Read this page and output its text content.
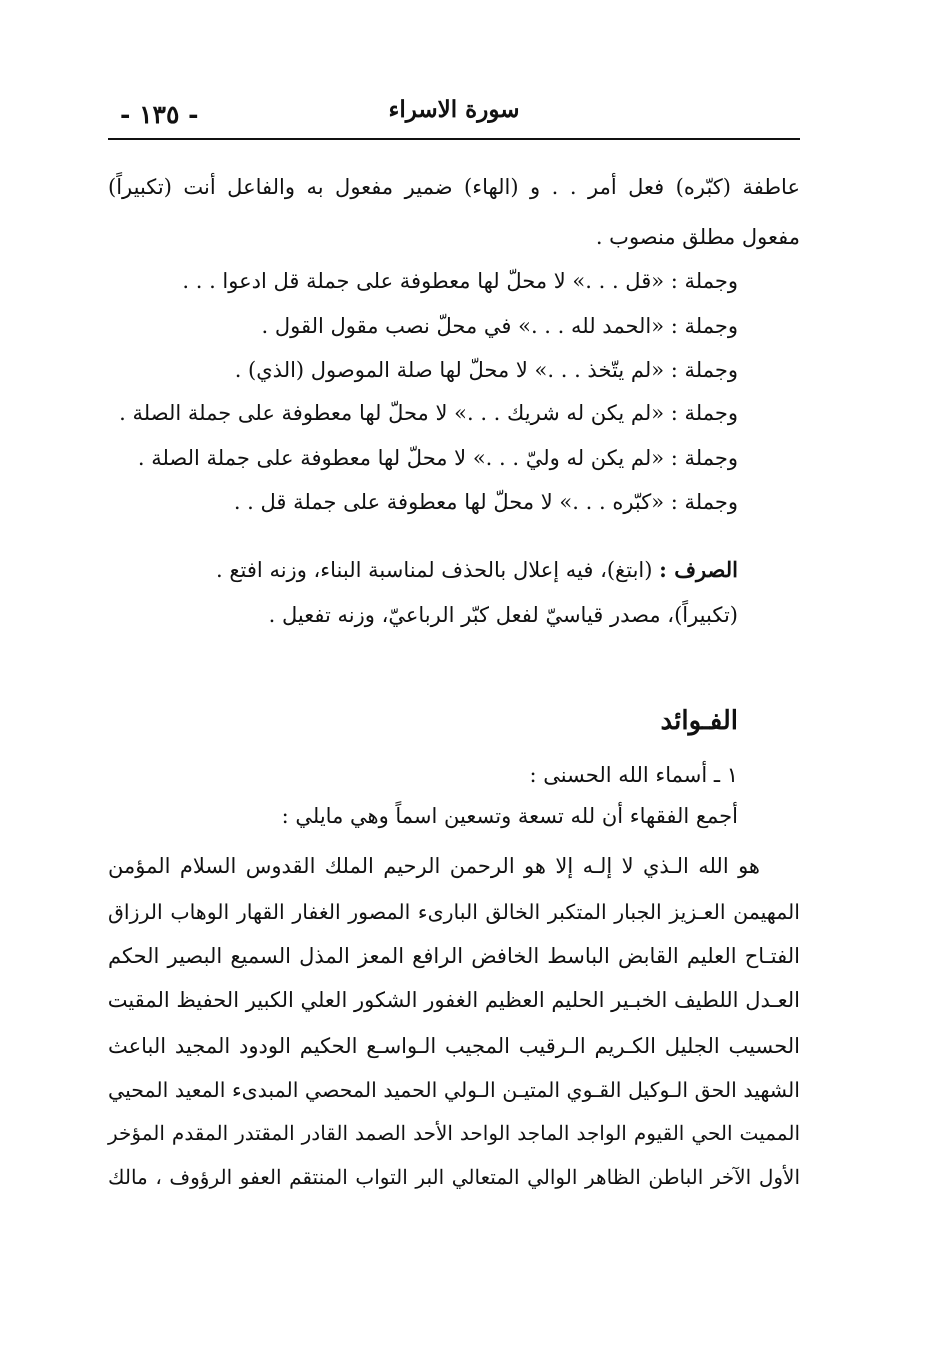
- ١٣٥ -	سورة الاسراء
عاطفة (كبّره) فعل أمر . . و (الهاء) ضمير مفعول به والفاعل أنت (تكبيراً)
مفعول مطلق منصوب .
وجملة : «قل . . .» لا محلّ لها معطوفة على جملة قل ادعوا . . .
وجملة : «الحمد لله . . .» في محلّ نصب مقول القول .
وجملة : «لم يتّخذ . . .» لا محلّ لها صلة الموصول (الذي) .
وجملة : «لم يكن له شريك . . .» لا محلّ لها معطوفة على جملة الصلة .
وجملة : «لم يكن له وليّ . . .» لا محلّ لها معطوفة على جملة الصلة .
وجملة : «كبّره . . .» لا محلّ لها معطوفة على جملة قل . .
الصرف : (ابتغ)، فيه إعلال بالحذف لمناسبة البناء، وزنه افتع .
(تكبيراً)، مصدر قياسيّ لفعل كبّر الرباعيّ، وزنه تفعيل .
الفـوائد
١ ـ أسماء الله الحسنى :
أجمع الفقهاء أن لله تسعة وتسعين اسماً وهي مايلي :
هو الله الـذي لا إلـه إلا هو الرحمن الرحيم الملك القدوس السلام المؤمن
المهيمن العـزيز الجبار المتكبر الخالق البارىء المصور الغفار القهار الوهاب الرزاق
الفتـاح العليم القابض الباسط الخافض الرافع المعز المذل السميع البصير الحكم
العـدل اللطيف الخبـير الحليم العظيم الغفور الشكور العلي الكبير الحفيظ المقيت
الحسيب الجليل الكـريم الـرقيب المجيب الـواسـع الحكيم الودود المجيد الباعث
الشهيد الحق الـوكيل القـوي المتيـن الـولي الحميد المحصي المبدىء المعيد المحيي
المميت الحي القيوم الواجد الماجد الواحد الأحد الصمد القادر المقتدر المقدم المؤخر
الأول الآخر الباطن الظاهر الوالي المتعالي البر التواب المنتقم العفو الرؤوف ، مالك
